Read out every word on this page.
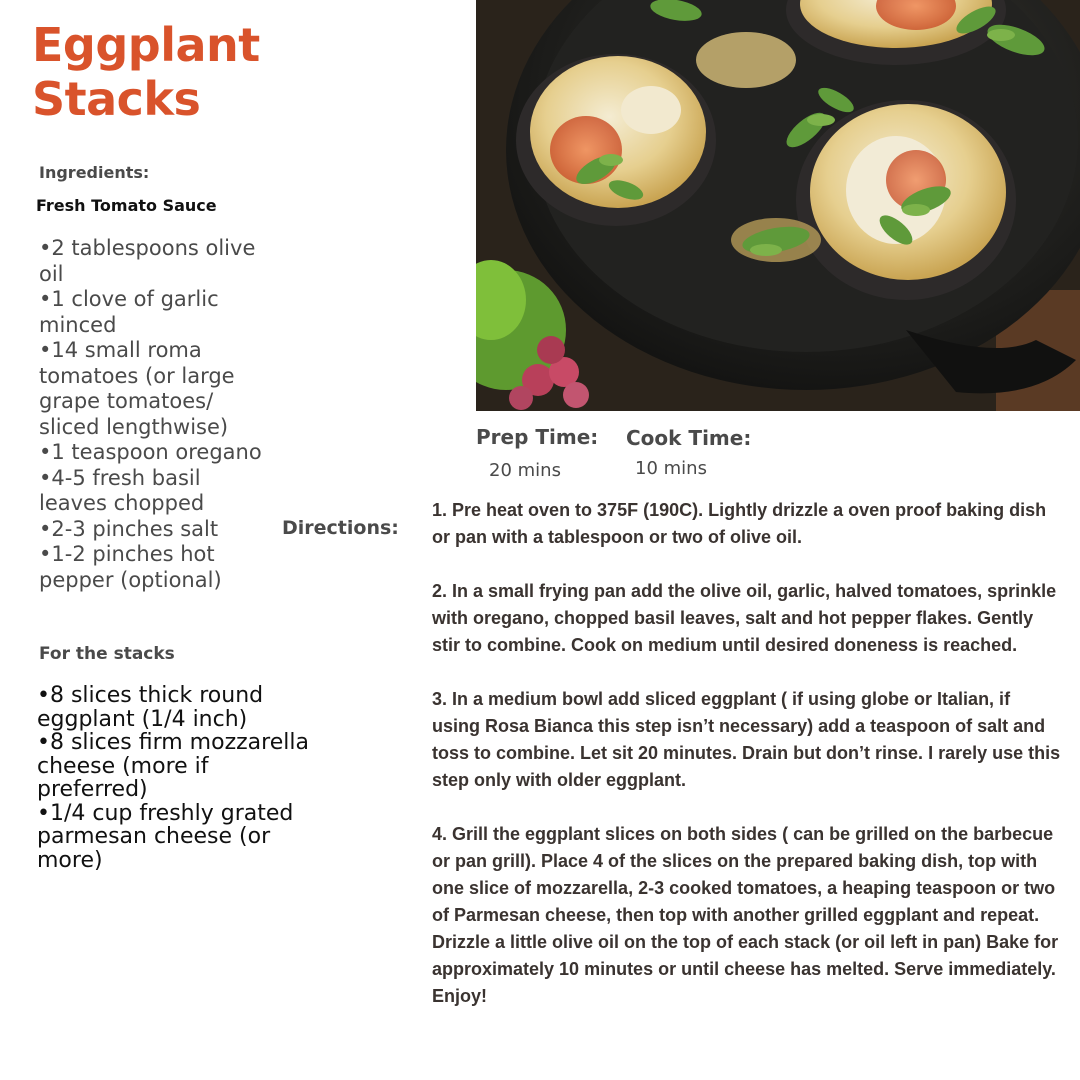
Eggplant
Stacks
Ingredients:
Fresh Tomato Sauce
•2 tablespoons olive oil
•1 clove of garlic minced
•14 small roma tomatoes (or large grape tomatoes/ sliced lengthwise)
•1 teaspoon oregano
•4-5 fresh basil leaves chopped
•2-3 pinches salt
•1-2 pinches hot pepper (optional)
For the stacks
•8 slices thick round eggplant (1/4 inch)
•8 slices firm mozzarella cheese (more if preferred)
•1/4 cup freshly grated parmesan cheese (or more)
Prep Time:
20 mins
Cook Time:
10 mins
Directions:

1. Pre heat oven to 375F (190C). Lightly drizzle a oven proof baking dish or pan with a tablespoon or two of olive oil.

2. In a small frying pan add the olive oil, garlic, halved tomatoes, sprinkle with oregano, chopped basil leaves, salt and hot pepper flakes. Gently stir to combine. Cook on medium until desired doneness is reached.

3. In a medium bowl add sliced eggplant ( if using globe or Italian, if using Rosa Bianca this step isn’t necessary) add a teaspoon of salt and toss to combine. Let sit 20 minutes. Drain but don’t rinse. I rarely use this step only with older eggplant.

4. Grill the eggplant slices on both sides ( can be grilled on the barbecue or pan grill). Place 4 of the slices on the prepared baking dish, top with one slice of mozzarella, 2-3 cooked tomatoes, a heaping teaspoon or two of Parmesan cheese, then top with another grilled eggplant and repeat. Drizzle a little olive oil on the top of each stack (or oil left in pan) Bake for approximately 10 minutes or until cheese has melted. Serve immediately. Enjoy!
